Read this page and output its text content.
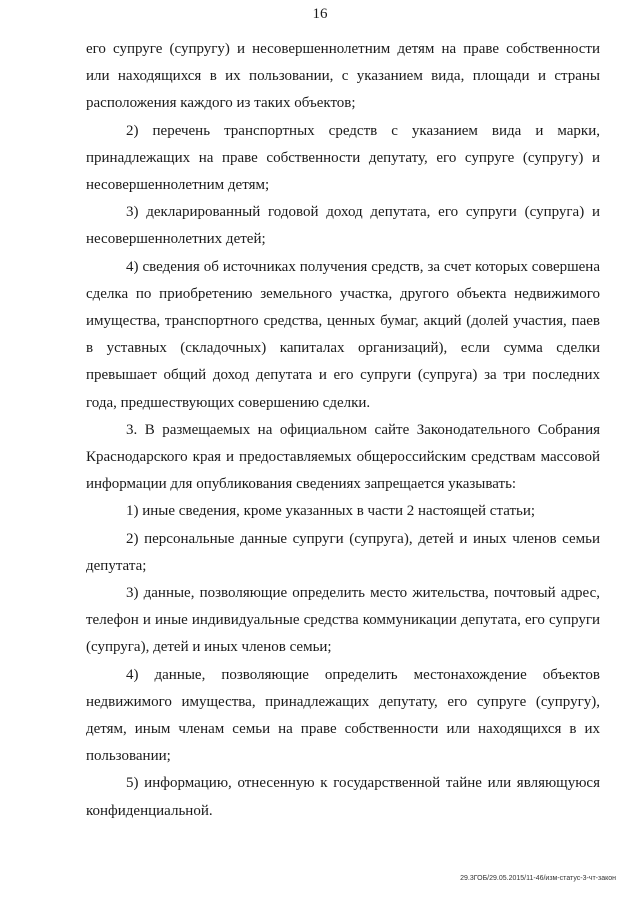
16

его супруге (супругу) и несовершеннолетним детям на праве собственности или находящихся в их пользовании, с указанием вида, площади и страны расположения каждого из таких объектов;

2) перечень транспортных средств с указанием вида и марки, принадлежащих на праве собственности депутату, его супруге (супругу) и несовершеннолетним детям;

3) декларированный годовой доход депутата, его супруги (супруга) и несовершеннолетних детей;

4) сведения об источниках получения средств, за счет которых совершена сделка по приобретению земельного участка, другого объекта недвижимого имущества, транспортного средства, ценных бумаг, акций (долей участия, паев в уставных (складочных) капиталах организаций), если сумма сделки превышает общий доход депутата и его супруги (супруга) за три последних года, предшествующих совершению сделки.

3. В размещаемых на официальном сайте Законодательного Собрания Краснодарского края и предоставляемых общероссийским средствам массовой информации для опубликования сведениях запрещается указывать:

1) иные сведения, кроме указанных в части 2 настоящей статьи;

2) персональные данные супруги (супруга), детей и иных членов семьи депутата;

3) данные, позволяющие определить место жительства, почтовый адрес, телефон и иные индивидуальные средства коммуникации депутата, его супруги (супруга), детей и иных членов семьи;

4) данные, позволяющие определить местонахождение объектов недвижимого имущества, принадлежащих депутату, его супруге (супругу), детям, иным членам семьи на праве собственности или находящихся в их пользовании;

5) информацию, отнесенную к государственной тайне или являющуюся конфиденциальной.

29.3ГОБ/29.05.2015/11-46/изм-статус-3-чт-закон
